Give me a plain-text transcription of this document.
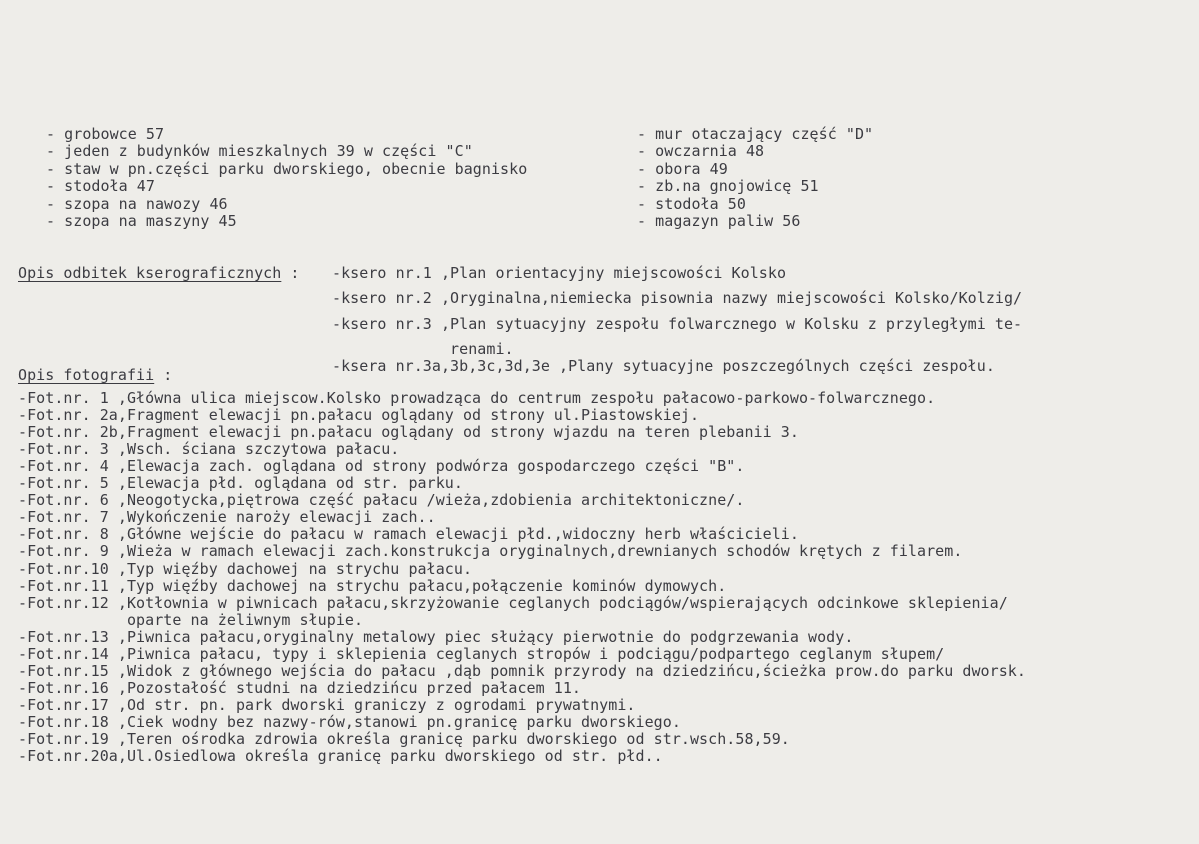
- grobowce 57
- jeden z budynków mieszkalnych 39 w części "C"
- staw w pn.części parku dworskiego, obecnie bagnisko
- stodoła 47
- szopa na nawozy 46
- szopa na maszyny 45
- mur otaczający część "D"
- owczarnia 48
- obora 49
- zb.na gnojowicę 51
- stodoła 50
- magazyn paliw 56
Opis odbitek kserograficznych : -ksero nr.1 ,Plan orientacyjny miejscowości Kolsko
-ksero nr.2 ,Oryginalna,niemiecka pisownia nazwy miejscowości Kolsko/Kolzig/
-ksero nr.3 ,Plan sytuacyjny zespołu folwarcznego w Kolsku z przyległymi te-
renami.
-ksera nr.3a,3b,3c,3d,3e ,Plany sytuacyjne poszczególnych części zespołu.
Opis fotografii :
-Fot.nr. 1 ,Główna ulica miejscow.Kolsko prowadząca do centrum zespołu pałacowo-parkowo-folwarcznego.
-Fot.nr. 2a,Fragment elewacji pn.pałacu oglądany od strony ul.Piastowskiej.
-Fot.nr. 2b,Fragment elewacji pn.pałacu oglądany od strony wjazdu na teren plebanii 3.
-Fot.nr. 3 ,Wsch. ściana szczytowa pałacu.
-Fot.nr. 4 ,Elewacja zach. oglądana od strony podwórza gospodarczego części "B".
-Fot.nr. 5 ,Elewacja płd. oglądana od str. parku.
-Fot.nr. 6 ,Neogotycka,piętrowa część pałacu /wieża,zdobienia architektoniczne/.
-Fot.nr. 7 ,Wykończenie naroży elewacji zach..
-Fot.nr. 8 ,Główne wejście do pałacu w ramach elewacji płd.,widoczny herb właścicieli.
-Fot.nr. 9 ,Wieża w ramach elewacji zach.konstrukcja oryginalnych,drewnianych schodów krętych z filarem.
-Fot.nr.10 ,Typ więźby dachowej na strychu pałacu.
-Fot.nr.11 ,Typ więźby dachowej na strychu pałacu,połączenie kominów dymowych.
-Fot.nr.12 ,Kotłownia w piwnicach pałacu,skrzyżowanie ceglanych podciągów/wspierających odcinkowe sklepienia/
oparte na żeliwnym słupie.
-Fot.nr.13 ,Piwnica pałacu,oryginalny metalowy piec służący pierwotnie do podgrzewania wody.
-Fot.nr.14 ,Piwnica pałacu, typy i sklepienia ceglanych stropów i podciągu/podpartego ceglanym słupem/
-Fot.nr.15 ,Widok z głównego wejścia do pałacu ,dąb pomnik przyrody na dziedzińcu,ścieżka prow.do parku dworsk.
-Fot.nr.16 ,Pozostałość studni na dziedzińcu przed pałacem 11.
-Fot.nr.17 ,Od str. pn. park dworski graniczy z ogrodami prywatnymi.
-Fot.nr.18 ,Ciek wodny bez nazwy-rów,stanowi pn.granicę parku dworskiego.
-Fot.nr.19 ,Teren ośrodka zdrowia określa granicę parku dworskiego od str.wsch.58,59.
-Fot.nr.20a,Ul.Osiedlowa określa granicę parku dworskiego od str. płd..
